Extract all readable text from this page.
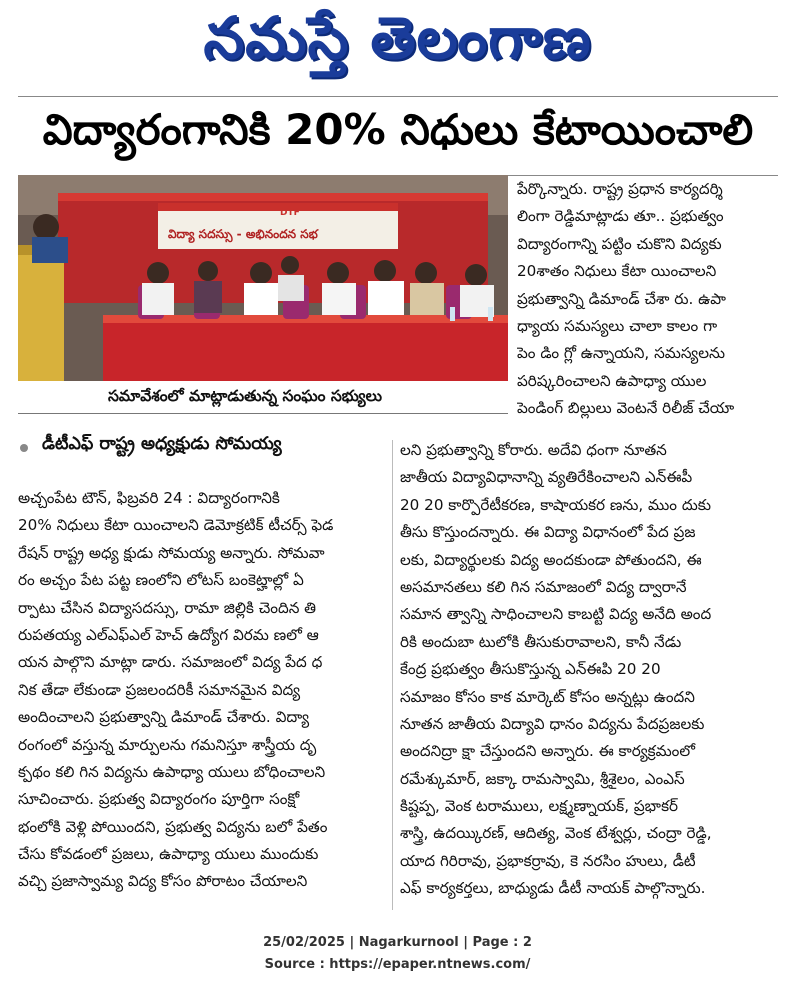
నమస్తే తెలంగాణ
విద్యారంగానికి 20% నిధులు కేటాయించాలి
DTF
విద్యా సదస్సు - అభినందన సభ
సమావేశంలో మాట్లాడుతున్న సంఘం సభ్యులు
పేర్కొన్నారు. రాష్ట్ర ప్రధాన కార్యదర్శి
లింగా రెడ్డిమాట్లాడు తూ.. ప్రభుత్వం
విద్యారంగాన్ని పట్టిం చుకొని విద్యకు
20శాతం నిధులు కేటా యించాలని
ప్రభుత్వాన్ని డిమాండ్ చేశా రు. ఉపా
ధ్యాయ సమస్యలు చాలా కాలం గా
పెం డిం గ్లో ఉన్నాయని, సమస్యలను
పరిష్కరించాలని ఉపాధ్యా యుల
పెండింగ్ బిల్లులు వెంటనే రిలీజ్ చేయా
డీటీఎఫ్ రాష్ట్ర అధ్యక్షుడు సోమయ్య
అచ్చంపేట టౌన్, ఫిబ్రవరి 24 : విద్యారంగానికి
20% నిధులు కేటా యించాలని డెమోక్రటిక్ టీచర్స్ ఫెడ
రేషన్ రాష్ట్ర అధ్య క్షుడు సోమయ్య అన్నారు. సోమవా
రం అచ్చం పేట పట్ట ణంలోని లోటస్ బంకెట్హాల్లో ఏ
ర్పాటు చేసిన విద్యాసదస్సు, రామా జిల్లికి చెందిన తి
రుపతయ్య ఎల్ఎఫ్ఎల్ హెచ్ ఉద్యోగ విరమ ణలో ఆ
యన పాల్గొని మాట్లా డారు. సమాజంలో విద్య పేద ధ
నిక తేడా లేకుండా ప్రజలందరికీ సమానమైన విద్య
అందించాలని ప్రభుత్వాన్ని డిమాండ్ చేశారు. విద్యా
రంగంలో వస్తున్న మార్పులను గమనిస్తూ శాస్త్రీయ దృ
క్పథం కలి గిన విద్యను ఉపాధ్యా యులు బోధించాలని
సూచించారు. ప్రభుత్వ విద్యారంగం పూర్తిగా సంక్షో
భంలోకి వెళ్లి పోయిందని, ప్రభుత్వ విద్యను బలో పేతం
చేసు కోవడంలో ప్రజలు, ఉపాధ్యా యులు ముందుకు
వచ్చి ప్రజాస్వామ్య విద్య కోసం పోరాటం చేయాలని
లని ప్రభుత్వాన్ని కోరారు. అదేవి ధంగా నూతన
జాతీయ విద్యావిధానాన్ని వ్యతిరేకించాలని ఎన్ఈపీ
20 20 కార్పొరేటీకరణ, కాషాయకర ణను, ముం దుకు
తీసు కొస్తుందన్నారు. ఈ విద్యా విధానంలో పేద ప్రజ
లకు, విద్యార్థులకు విద్య అందకుండా పోతుందని, ఈ
అసమానతలు కలి గిన సమాజంలో విద్య ద్వారానే
సమాన త్వాన్ని సాధించాలని కాబట్టి విద్య అనేది అంద
రికి అందుబా టులోకి తీసుకురావాలని, కానీ నేడు
కేంద్ర ప్రభుత్వం తీసుకొస్తున్న ఎన్ఈపి 20 20
సమాజం కోసం కాక మార్కెట్ కోసం అన్నట్లు ఉందని
నూతన జాతీయ విద్యావి ధానం విద్యను పేదప్రజలకు
అందనిద్రా క్షా చేస్తుందని అన్నారు. ఈ కార్యక్రమంలో
రమేశ్కుమార్, జక్కా రామస్వామి, శ్రీశైలం, ఎంఎస్
కిష్టప్ప, వెంక టరాములు, లక్ష్మణ్నాయక్, ప్రభాకర్
శాస్త్రి, ఉదయ్కిరణ్, ఆదిత్య, వెంక టేశ్వర్లు, చంద్రా రెడ్డి,
యాద గిరిరావు, ప్రభాకర్రావు, కె నరసిం హులు, డీటీ
ఎఫ్ కార్యకర్తలు, బాధ్యుడు డీటీ నాయక్ పాల్గొన్నారు.
25/02/2025 | Nagarkurnool | Page : 2
Source : https://epaper.ntnews.com/
